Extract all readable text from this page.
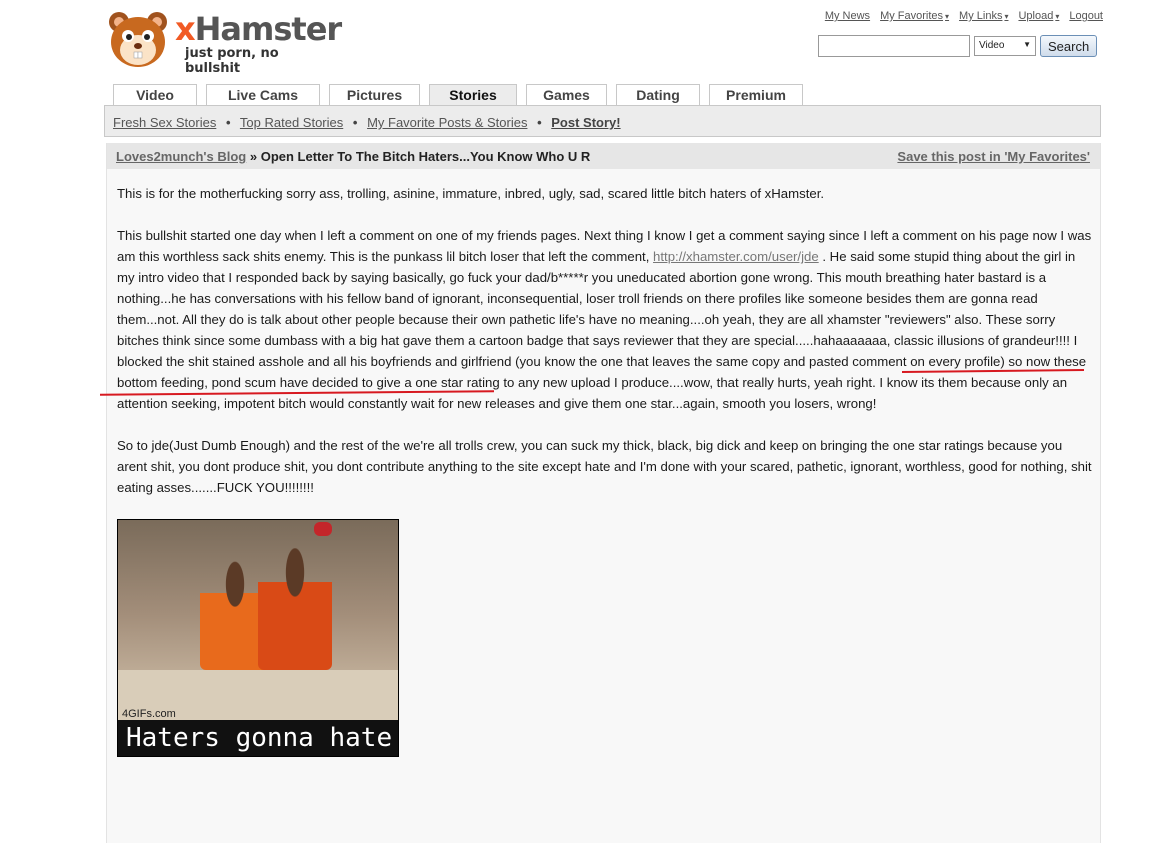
xHamster
just porn, no bullshit
My News My Favorites ▾ My Links ▾ Upload ▾ Logout
Video ▼	Search
Video	Live Cams	Pictures	Stories	Games	Dating	Premium
Fresh Sex Stories • Top Rated Stories • My Favorite Posts & Stories • Post Story!
Loves2munch's Blog » Open Letter To The Bitch Haters...You Know Who U R	Save this post in 'My Favorites'

This is for the motherfucking sorry ass, trolling, asinine, immature, inbred, ugly, sad, scared little bitch haters of xHamster.

This bullshit started one day when I left a comment on one of my friends pages. Next thing I know I get a comment saying since I left a comment on his page now I was am this worthless sack shits enemy. This is the punkass lil bitch loser that left the comment, http://xhamster.com/user/jde . He said some stupid thing about the girl in my intro video that I responded back by saying basically, go fuck your dad/b*****r you uneducated abortion gone wrong. This mouth breathing hater bastard is a nothing...he has conversations with his fellow band of ignorant, inconsequential, loser troll friends on there profiles like someone besides them are gonna read them...not. All they do is talk about other people because their own pathetic life's have no meaning....oh yeah, they are all xhamster "reviewers" also. These sorry bitches think since some dumbass with a big hat gave them a cartoon badge that says reviewer that they are special.....hahaaaaaaa, classic illusions of grandeur!!!! I blocked the shit stained asshole and all his boyfriends and girlfriend (you know the one that leaves the same copy and pasted comment on every profile) so now these bottom feeding, pond scum have decided to give a one star rating to any new upload I produce....wow, that really hurts, yeah right. I know its them because only an attention seeking, impotent bitch would constantly wait for new releases and give them one star...again, smooth you losers, wrong!

So to jde(Just Dumb Enough) and the rest of the we're all trolls crew, you can suck my thick, black, big dick and keep on bringing the one star ratings because you arent shit, you dont produce shit, you dont contribute anything to the site except hate and I'm done with your scared, pathetic, ignorant, worthless, good for nothing, shit eating asses.......FUCK YOU!!!!!!!!

4GIFs.com
Haters gonna hate
